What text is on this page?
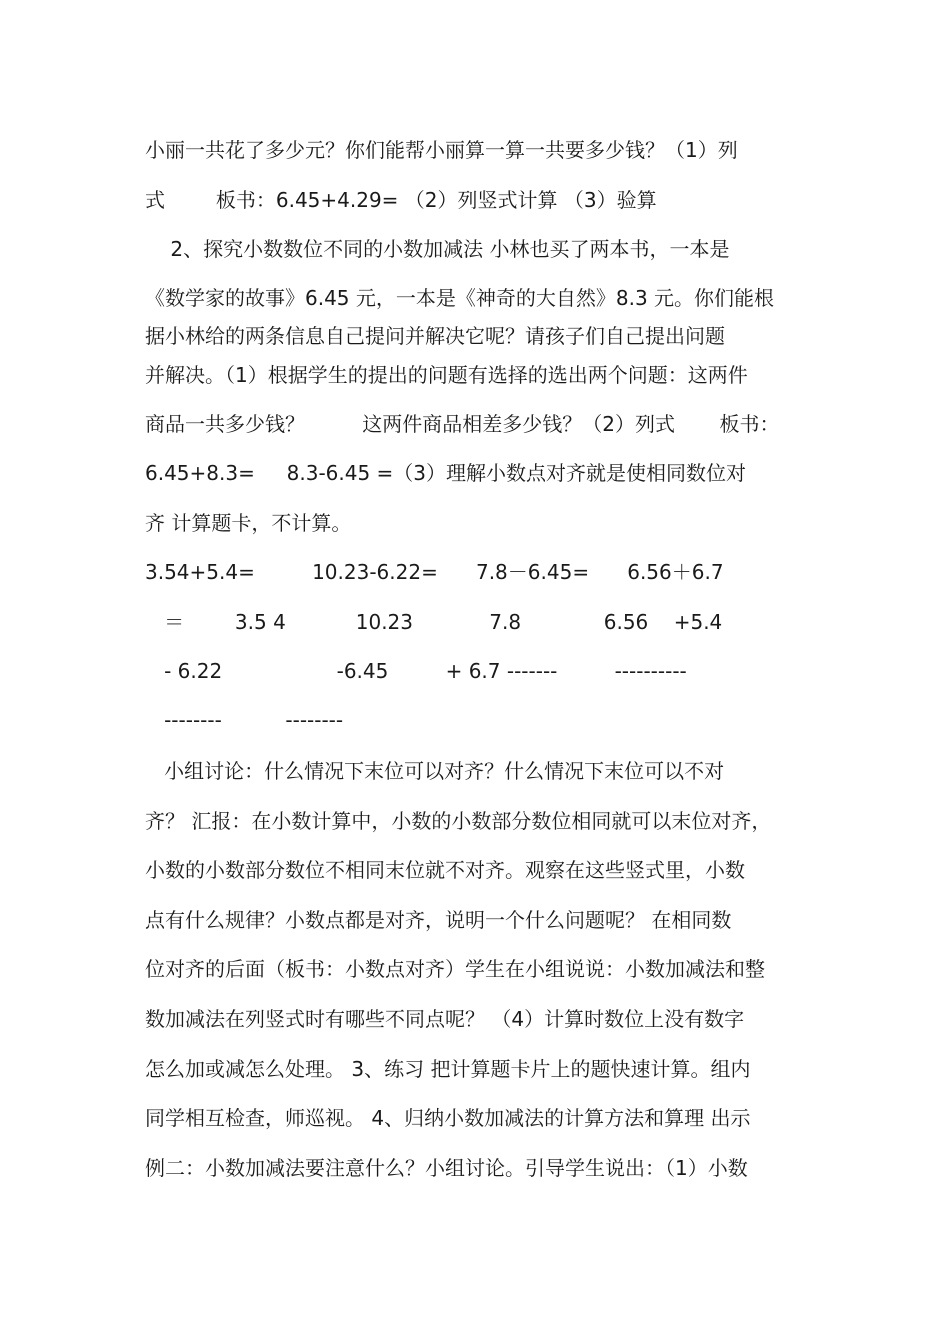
小丽一共花了多少元？你们能帮小丽算一算一共要多少钱？（1）列
式        板书：6.45+4.29= （2）列竖式计算 （3）验算
2、探究小数数位不同的小数加减法 小林也买了两本书，一本是
《数学家的故事》6.45 元，一本是《神奇的大自然》8.3 元。你们能根
据小林给的两条信息自己提问并解决它呢？请孩子们自己提出问题
并解决。（1）根据学生的提出的问题有选择的选出两个问题：这两件
商品一共多少钱？         这两件商品相差多少钱？（2）列式       板书：
6.45+8.3=     8.3-6.45 =（3）理解小数点对齐就是使相同数位对
齐 计算题卡，不计算。
3.54+5.4=         10.23-6.22=      7.8－6.45=      6.56＋6.7
＝        3.5 4           10.23            7.8             6.56    +5.4
- 6.22                  -6.45         + 6.7 -------         ----------
--------          --------
小组讨论：什么情况下末位可以对齐？什么情况下末位可以不对
齐？ 汇报：在小数计算中，小数的小数部分数位相同就可以末位对齐，
小数的小数部分数位不相同末位就不对齐。观察在这些竖式里，小数
点有什么规律？小数点都是对齐，说明一个什么问题呢？ 在相同数
位对齐的后面（板书：小数点对齐）学生在小组说说：小数加减法和整
数加减法在列竖式时有哪些不同点呢？ （4）计算时数位上没有数字
怎么加或减怎么处理。 3、练习 把计算题卡片上的题快速计算。组内
同学相互检查，师巡视。 4、归纳小数加减法的计算方法和算理 出示
例二：小数加减法要注意什么？小组讨论。引导学生说出：（1）小数
